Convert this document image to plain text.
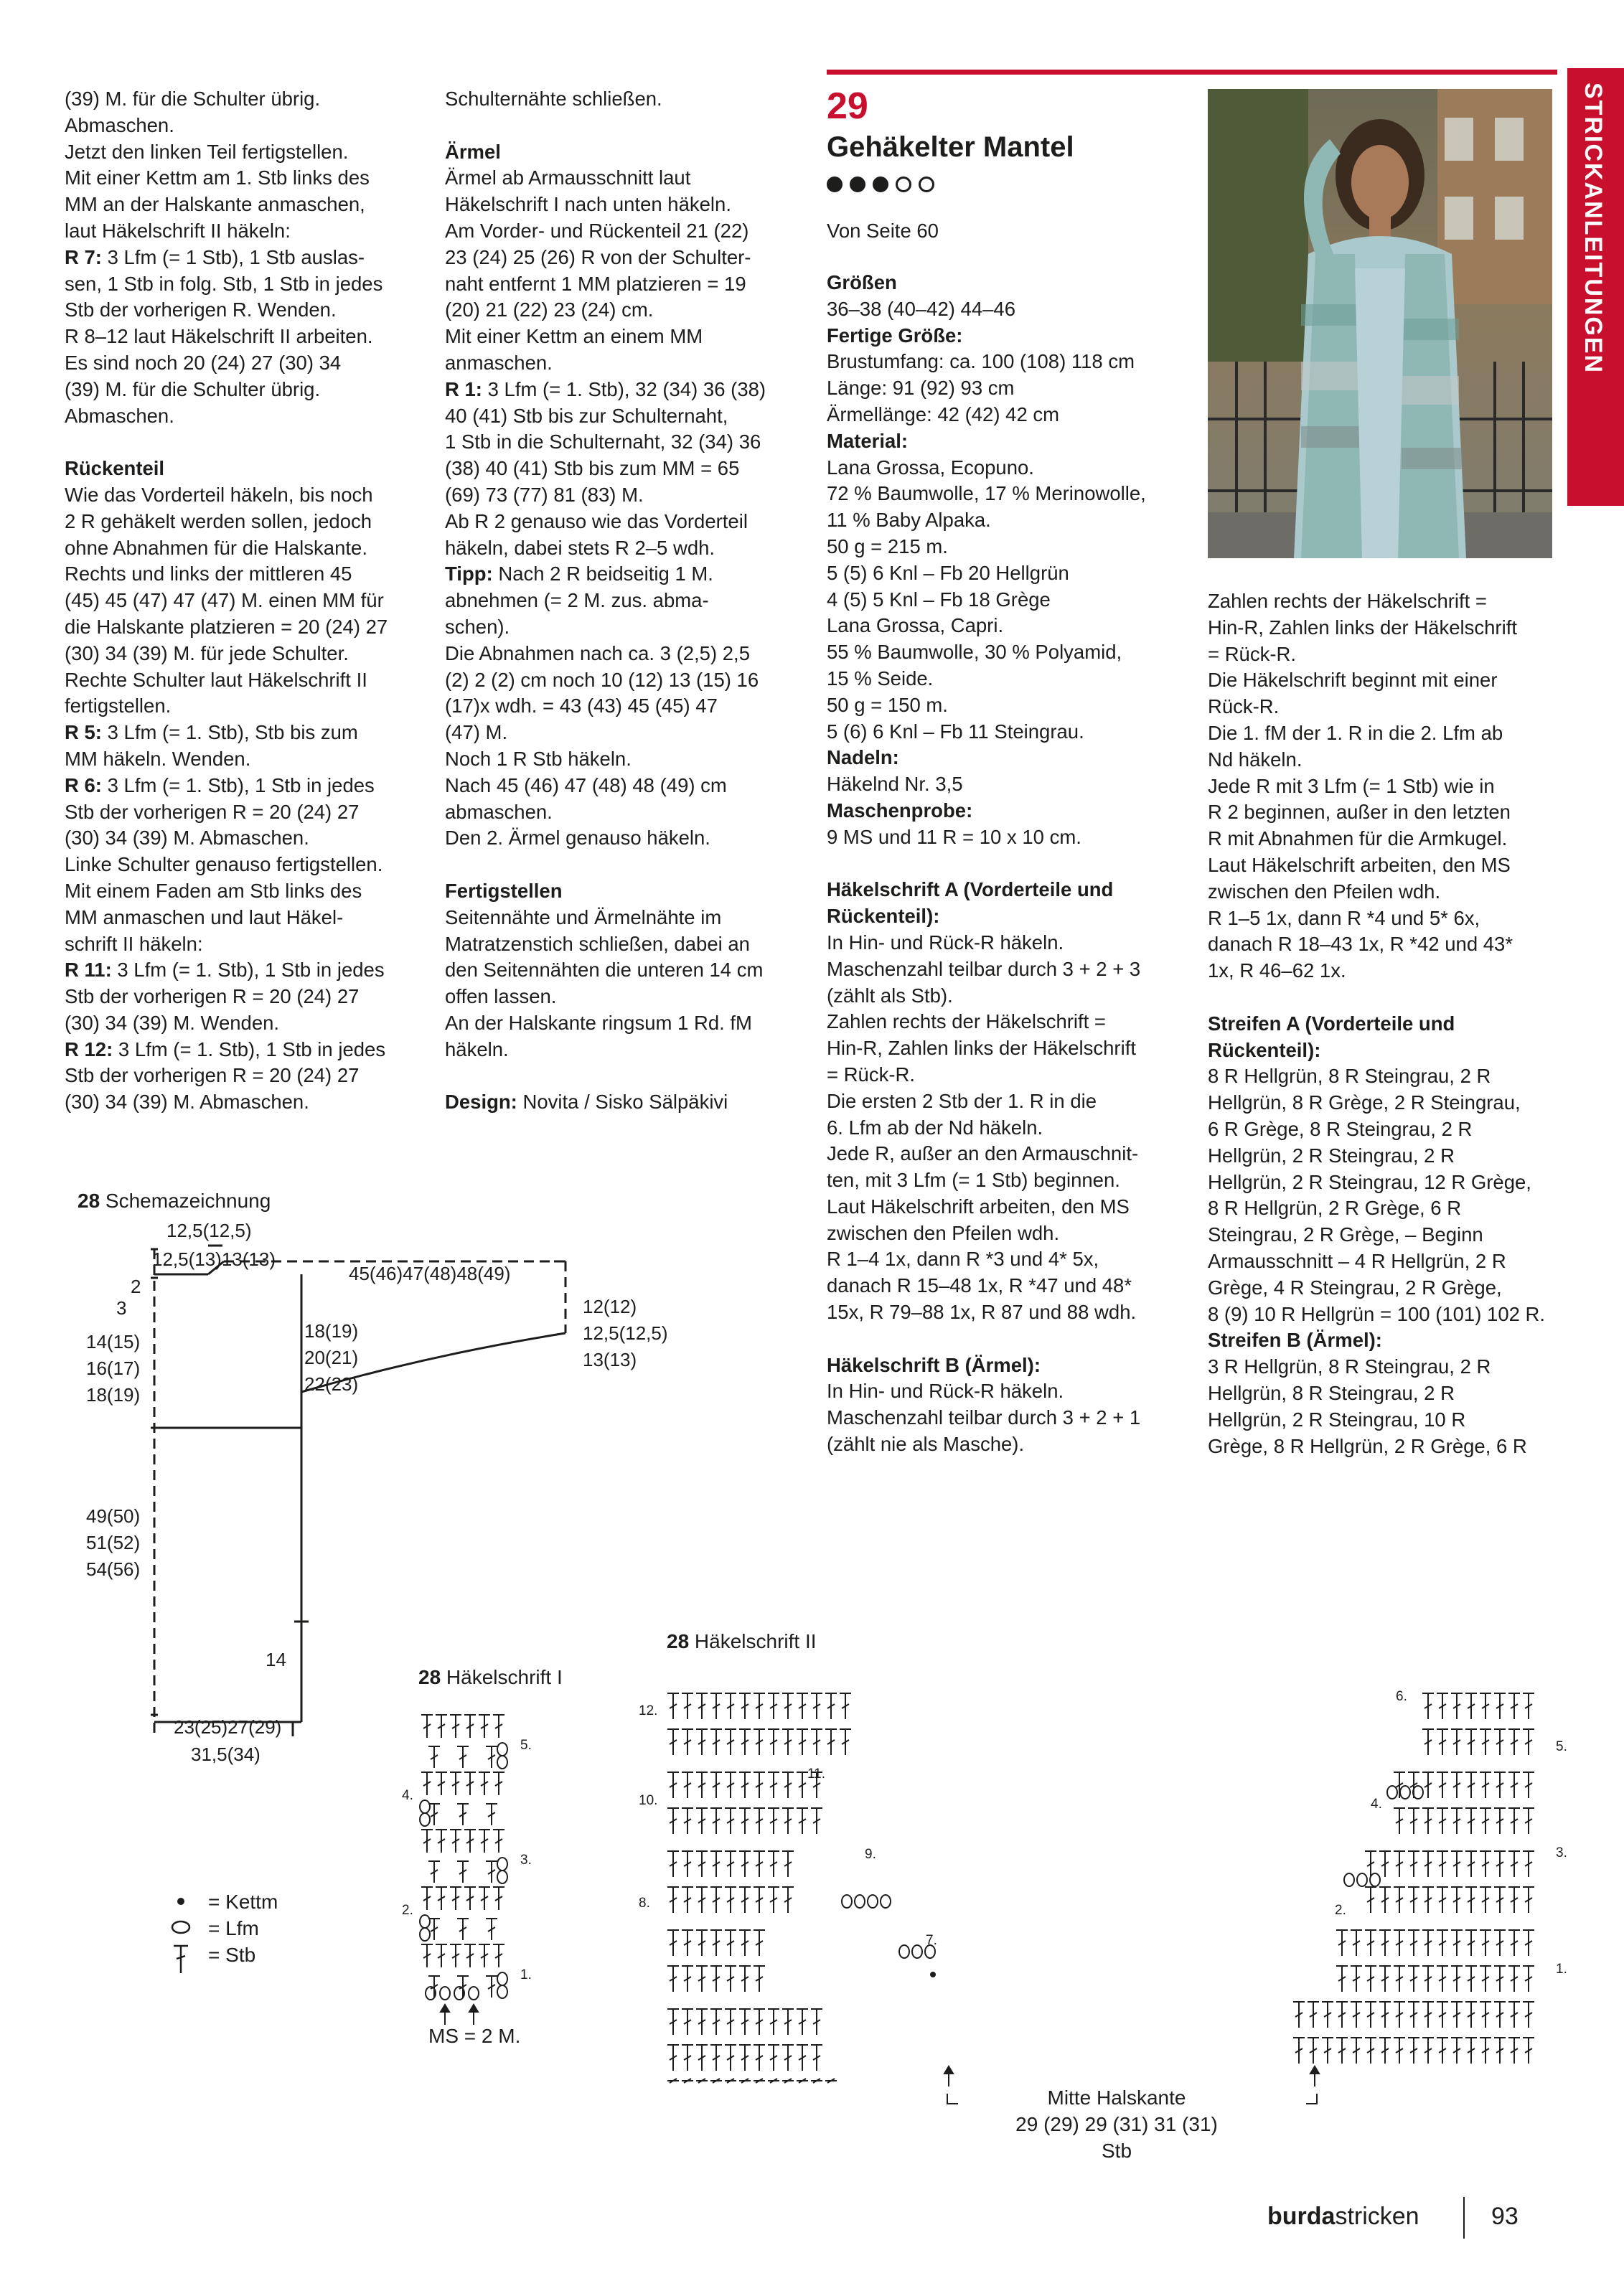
(39) M. für die Schulter übrig.

Abmaschen.

Jetzt den linken Teil fertigstellen.

Mit einer Kettm am 1. Stb links des

MM an der Halskante anmaschen,

laut Häkelschrift II häkeln:

R 7: 3 Lfm (= 1 Stb), 1 Stb auslas-

sen, 1 Stb in folg. Stb, 1 Stb in jedes

Stb der vorherigen R. Wenden.

R 8–12 laut Häkelschrift II arbeiten.

Es sind noch 20 (24) 27 (30) 34

(39) M. für die Schulter übrig.

Abmaschen.

Rückenteil

Wie das Vorderteil häkeln, bis noch

2 R gehäkelt werden sollen, jedoch

ohne Abnahmen für die Halskante.

Rechts und links der mittleren 45

(45) 45 (47) 47 (47) M. einen MM für

die Halskante platzieren = 20 (24) 27

(30) 34 (39) M. für jede Schulter.

Rechte Schulter laut Häkelschrift II

fertigstellen.

R 5: 3 Lfm (= 1. Stb), Stb bis zum

MM häkeln. Wenden.

R 6: 3 Lfm (= 1. Stb), 1 Stb in jedes

Stb der vorherigen R = 20 (24) 27

(30) 34 (39) M. Abmaschen.

Linke Schulter genauso fertigstellen.

Mit einem Faden am Stb links des

MM anmaschen und laut Häkel-

schrift II häkeln:

R 11: 3 Lfm (= 1. Stb), 1 Stb in jedes

Stb der vorherigen R = 20 (24) 27

(30) 34 (39) M. Wenden.

R 12: 3 Lfm (= 1. Stb), 1 Stb in jedes

Stb der vorherigen R = 20 (24) 27

(30) 34 (39) M. Abmaschen.

Schulternähte schließen.

Ärmel

Ärmel ab Armausschnitt laut

Häkelschrift I nach unten häkeln.

Am Vorder- und Rückenteil 21 (22)

23 (24) 25 (26) R von der Schulter-

naht entfernt 1 MM platzieren = 19

(20) 21 (22) 23 (24) cm.

Mit einer Kettm an einem MM

anmaschen.

R 1: 3 Lfm (= 1. Stb), 32 (34) 36 (38)

40 (41) Stb bis zur Schulternaht,

1 Stb in die Schulternaht, 32 (34) 36

(38) 40 (41) Stb bis zum MM = 65

(69) 73 (77) 81 (83) M.

Ab R 2 genauso wie das Vorderteil

häkeln, dabei stets R 2–5 wdh.

Tipp: Nach 2 R beidseitig 1 M.

abnehmen (= 2 M. zus. abma-

schen).

Die Abnahmen nach ca. 3 (2,5) 2,5

(2) 2 (2) cm noch 10 (12) 13 (15) 16

(17)x wdh. = 43 (43) 45 (45) 47

(47) M.

Noch 1 R Stb häkeln.

Nach 45 (46) 47 (48) 48 (49) cm

abmaschen.

Den 2. Ärmel genauso häkeln.

Fertigstellen

Seitennähte und Ärmelnähte im

Matratzenstich schließen, dabei an

den Seitennähten die unteren 14 cm

offen lassen.

An der Halskante ringsum 1 Rd. fM

häkeln.

Design: Novita / Sisko Sälpäkivi

29
Gehäkelter Mantel
Von Seite 60

Größen

36–38 (40–42) 44–46

Fertige Größe:

Brustumfang: ca. 100 (108) 118 cm

Länge: 91 (92) 93 cm

Ärmellänge: 42 (42) 42 cm

Material:

Lana Grossa, Ecopuno.

72 % Baumwolle, 17 % Merinowolle,

11 % Baby Alpaka.

50 g = 215 m.

5 (5) 6 Knl – Fb 20 Hellgrün

4 (5) 5 Knl – Fb 18 Grège

Lana Grossa, Capri.

55 % Baumwolle, 30 % Polyamid,

15 % Seide.

50 g = 150 m.

5 (6) 6 Knl – Fb 11 Steingrau.

Nadeln:

Häkelnd Nr. 3,5

Maschenprobe:

9 MS und 11 R = 10 x 10 cm.

Häkelschrift A (Vorderteile und

Rückenteil):

In Hin- und Rück-R häkeln.

Maschenzahl teilbar durch 3 + 2 + 3

(zählt als Stb).

Zahlen rechts der Häkelschrift =

Hin-R, Zahlen links der Häkelschrift

= Rück-R.

Die ersten 2 Stb der 1. R in die

6. Lfm ab der Nd häkeln.

Jede R, außer an den Armauschnit-

ten, mit 3 Lfm (= 1 Stb) beginnen.

Laut Häkelschrift arbeiten, den MS

zwischen den Pfeilen wdh.

R 1–4 1x, dann R *3 und 4* 5x,

danach R 15–48 1x, R *47 und 48*

15x, R 79–88 1x, R 87 und 88 wdh.

Häkelschrift B (Ärmel):

In Hin- und Rück-R häkeln.

Maschenzahl teilbar durch 3 + 2 + 1

(zählt nie als Masche).

Zahlen rechts der Häkelschrift =

Hin-R, Zahlen links der Häkelschrift

= Rück-R.

Die Häkelschrift beginnt mit einer

Rück-R.

Die 1. fM der 1. R in die 2. Lfm ab

Nd häkeln.

Jede R mit 3 Lfm (= 1 Stb) wie in

R 2 beginnen, außer in den letzten

R mit Abnahmen für die Armkugel.

Laut Häkelschrift arbeiten, den MS

zwischen den Pfeilen wdh.

R 1–5 1x, dann R *4 und 5* 6x,

danach R 18–43 1x, R *42 und 43*

1x, R 46–62 1x.

Streifen A (Vorderteile und

Rückenteil):

8 R Hellgrün, 8 R Steingrau, 2 R

Hellgrün, 8 R Grège, 2 R Steingrau,

6 R Grège, 8 R Steingrau, 2 R

Hellgrün, 2 R Steingrau, 2 R

Hellgrün, 2 R Steingrau, 12 R Grège,

8 R Hellgrün, 2 R Grège, 6 R

Steingrau, 2 R Grège, – Beginn

Armausschnitt – 4 R Hellgrün, 2 R

Grège, 4 R Steingrau, 2 R Grège,

8 (9) 10 R Hellgrün = 100 (101) 102 R.

Streifen B (Ärmel):

3 R Hellgrün, 8 R Steingrau, 2 R

Hellgrün, 8 R Steingrau, 2 R

Hellgrün, 2 R Steingrau, 10 R

Grège, 8 R Hellgrün, 2 R Grège, 6 R

STRICKANLEITUNGEN
28 Schemazeichnung
12,5(12,5)
12,5(13)13(13)
2
3
45(46)47(48)48(49)
14(15)
16(17)
18(19)
18(19)
20(21)
22(23)
12(12)
12,5(12,5)
13(13)
49(50)
51(52)
54(56)
14
23(25)27(29)
31,5(34)
= Kettm
= Lfm
= Stb
28 Häkelschrift I
5.
4.
3.
2.
1.
MS = 2 M.
28 Häkelschrift II
12.
11.
10.
9.
8.
7.
6.
5.
4.
3.
2.
1.
Mitte Halskante
29 (29) 29 (31) 31 (31)
Stb
burdastricken	93
